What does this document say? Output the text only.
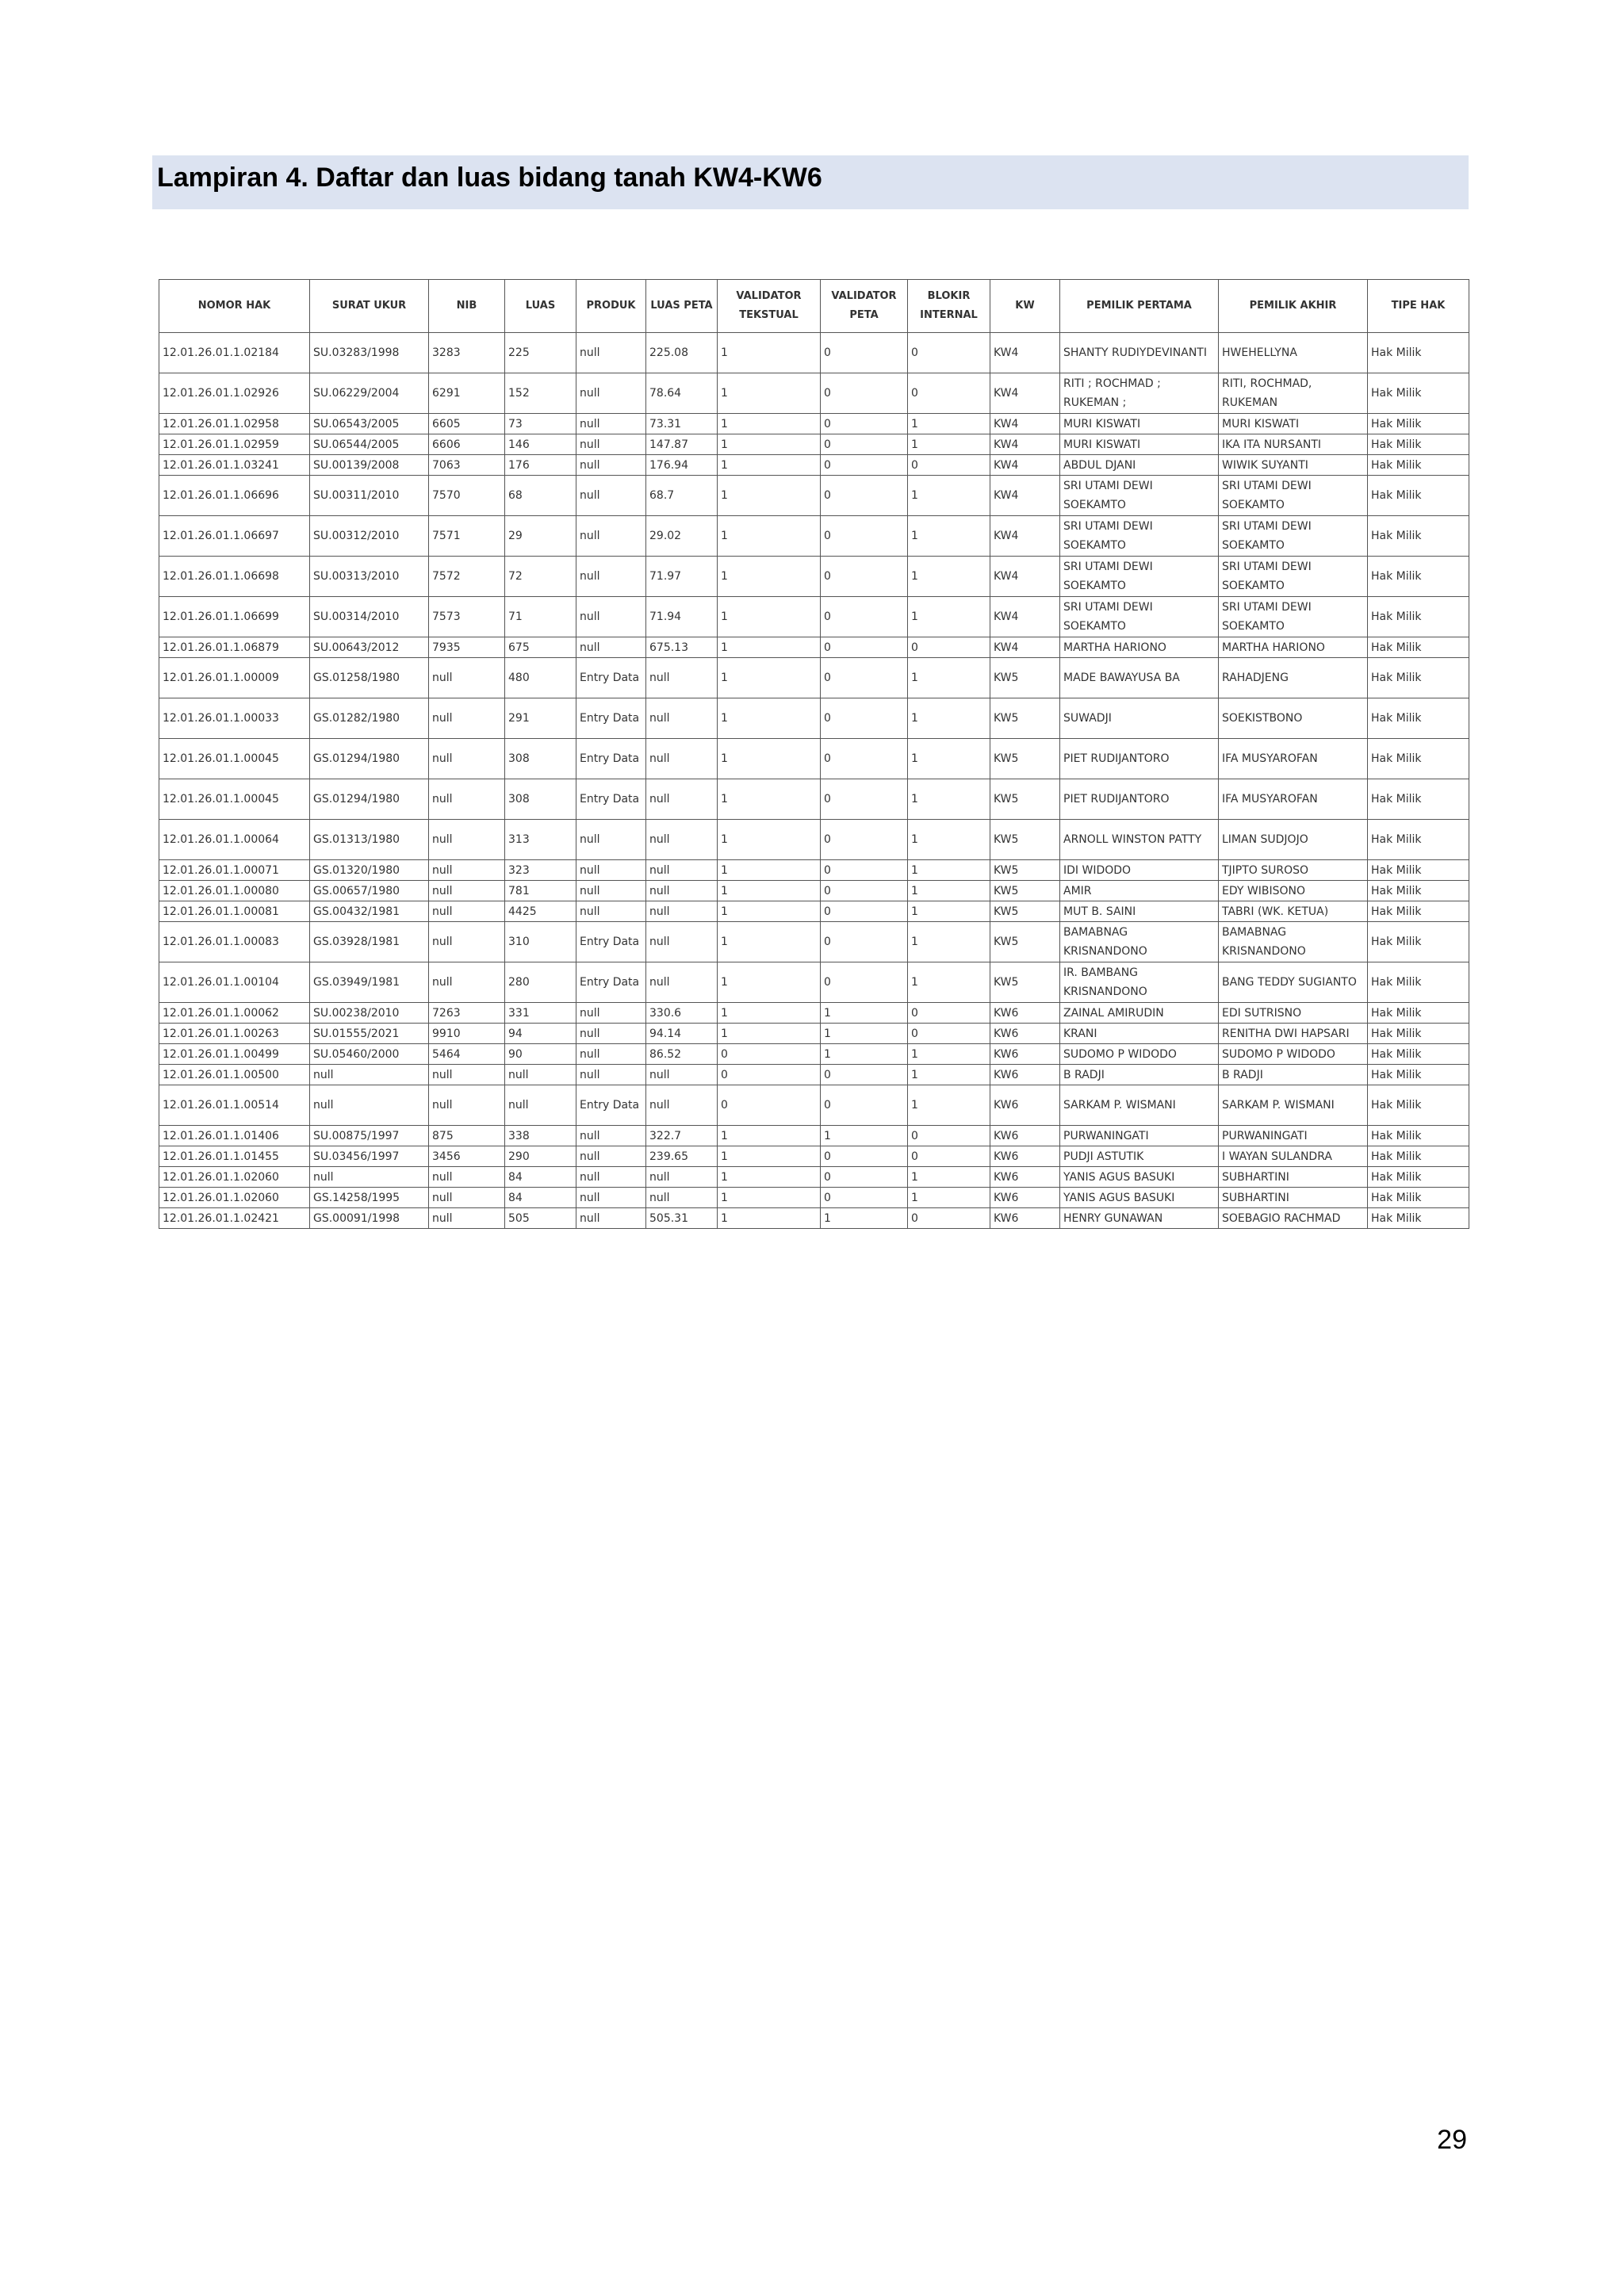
Lampiran 4. Daftar dan luas bidang tanah KW4-KW6
NOMOR HAK	SURAT UKUR	NIB	LUAS	PRODUK	LUAS PETA	VALIDATOR TEKSTUAL	VALIDATOR PETA	BLOKIR INTERNAL	KW	PEMILIK PERTAMA	PEMILIK AKHIR	TIPE HAK
12.01.26.01.1.02184	SU.03283/1998	3283	225	null	225.08	1	0	0	KW4	SHANTY RUDIYDEVINANTI	HWEHELLYNA	Hak Milik
12.01.26.01.1.02926	SU.06229/2004	6291	152	null	78.64	1	0	0	KW4	RITI ; ROCHMAD ; RUKEMAN ;	RITI, ROCHMAD, RUKEMAN	Hak Milik
12.01.26.01.1.02958	SU.06543/2005	6605	73	null	73.31	1	0	1	KW4	MURI KISWATI	MURI KISWATI	Hak Milik
12.01.26.01.1.02959	SU.06544/2005	6606	146	null	147.87	1	0	1	KW4	MURI KISWATI	IKA ITA NURSANTI	Hak Milik
12.01.26.01.1.03241	SU.00139/2008	7063	176	null	176.94	1	0	0	KW4	ABDUL DJANI	WIWIK SUYANTI	Hak Milik
12.01.26.01.1.06696	SU.00311/2010	7570	68	null	68.7	1	0	1	KW4	SRI UTAMI DEWI SOEKAMTO	SRI UTAMI DEWI SOEKAMTO	Hak Milik
12.01.26.01.1.06697	SU.00312/2010	7571	29	null	29.02	1	0	1	KW4	SRI UTAMI DEWI SOEKAMTO	SRI UTAMI DEWI SOEKAMTO	Hak Milik
12.01.26.01.1.06698	SU.00313/2010	7572	72	null	71.97	1	0	1	KW4	SRI UTAMI DEWI SOEKAMTO	SRI UTAMI DEWI SOEKAMTO	Hak Milik
12.01.26.01.1.06699	SU.00314/2010	7573	71	null	71.94	1	0	1	KW4	SRI UTAMI DEWI SOEKAMTO	SRI UTAMI DEWI SOEKAMTO	Hak Milik
12.01.26.01.1.06879	SU.00643/2012	7935	675	null	675.13	1	0	0	KW4	MARTHA HARIONO	MARTHA HARIONO	Hak Milik
12.01.26.01.1.00009	GS.01258/1980	null	480	Entry Data	null	1	0	1	KW5	MADE BAWAYUSA BA	RAHADJENG	Hak Milik
12.01.26.01.1.00033	GS.01282/1980	null	291	Entry Data	null	1	0	1	KW5	SUWADJI	SOEKISTBONO	Hak Milik
12.01.26.01.1.00045	GS.01294/1980	null	308	Entry Data	null	1	0	1	KW5	PIET RUDIJANTORO	IFA MUSYAROFAN	Hak Milik
12.01.26.01.1.00045	GS.01294/1980	null	308	Entry Data	null	1	0	1	KW5	PIET RUDIJANTORO	IFA MUSYAROFAN	Hak Milik
12.01.26.01.1.00064	GS.01313/1980	null	313	null	null	1	0	1	KW5	ARNOLL WINSTON PATTY	LIMAN SUDJOJO	Hak Milik
12.01.26.01.1.00071	GS.01320/1980	null	323	null	null	1	0	1	KW5	IDI WIDODO	TJIPTO SUROSO	Hak Milik
12.01.26.01.1.00080	GS.00657/1980	null	781	null	null	1	0	1	KW5	AMIR	EDY WIBISONO	Hak Milik
12.01.26.01.1.00081	GS.00432/1981	null	4425	null	null	1	0	1	KW5	MUT B. SAINI	TABRI (WK. KETUA)	Hak Milik
12.01.26.01.1.00083	GS.03928/1981	null	310	Entry Data	null	1	0	1	KW5	BAMABNAG KRISNANDONO	BAMABNAG KRISNANDONO	Hak Milik
12.01.26.01.1.00104	GS.03949/1981	null	280	Entry Data	null	1	0	1	KW5	IR. BAMBANG KRISNANDONO	BANG TEDDY SUGIANTO	Hak Milik
12.01.26.01.1.00062	SU.00238/2010	7263	331	null	330.6	1	1	0	KW6	ZAINAL AMIRUDIN	EDI SUTRISNO	Hak Milik
12.01.26.01.1.00263	SU.01555/2021	9910	94	null	94.14	1	1	0	KW6	KRANI	RENITHA DWI HAPSARI	Hak Milik
12.01.26.01.1.00499	SU.05460/2000	5464	90	null	86.52	0	1	1	KW6	SUDOMO P WIDODO	SUDOMO P WIDODO	Hak Milik
12.01.26.01.1.00500	null	null	null	null	null	0	0	1	KW6	B RADJI	B RADJI	Hak Milik
12.01.26.01.1.00514	null	null	null	Entry Data	null	0	0	1	KW6	SARKAM P. WISMANI	SARKAM P. WISMANI	Hak Milik
12.01.26.01.1.01406	SU.00875/1997	875	338	null	322.7	1	1	0	KW6	PURWANINGATI	PURWANINGATI	Hak Milik
12.01.26.01.1.01455	SU.03456/1997	3456	290	null	239.65	1	0	0	KW6	PUDJI ASTUTIK	I WAYAN SULANDRA	Hak Milik
12.01.26.01.1.02060	null	null	84	null	null	1	0	1	KW6	YANIS AGUS BASUKI	SUBHARTINI	Hak Milik
12.01.26.01.1.02060	GS.14258/1995	null	84	null	null	1	0	1	KW6	YANIS AGUS BASUKI	SUBHARTINI	Hak Milik
12.01.26.01.1.02421	GS.00091/1998	null	505	null	505.31	1	1	0	KW6	HENRY GUNAWAN	SOEBAGIO RACHMAD	Hak Milik
29
